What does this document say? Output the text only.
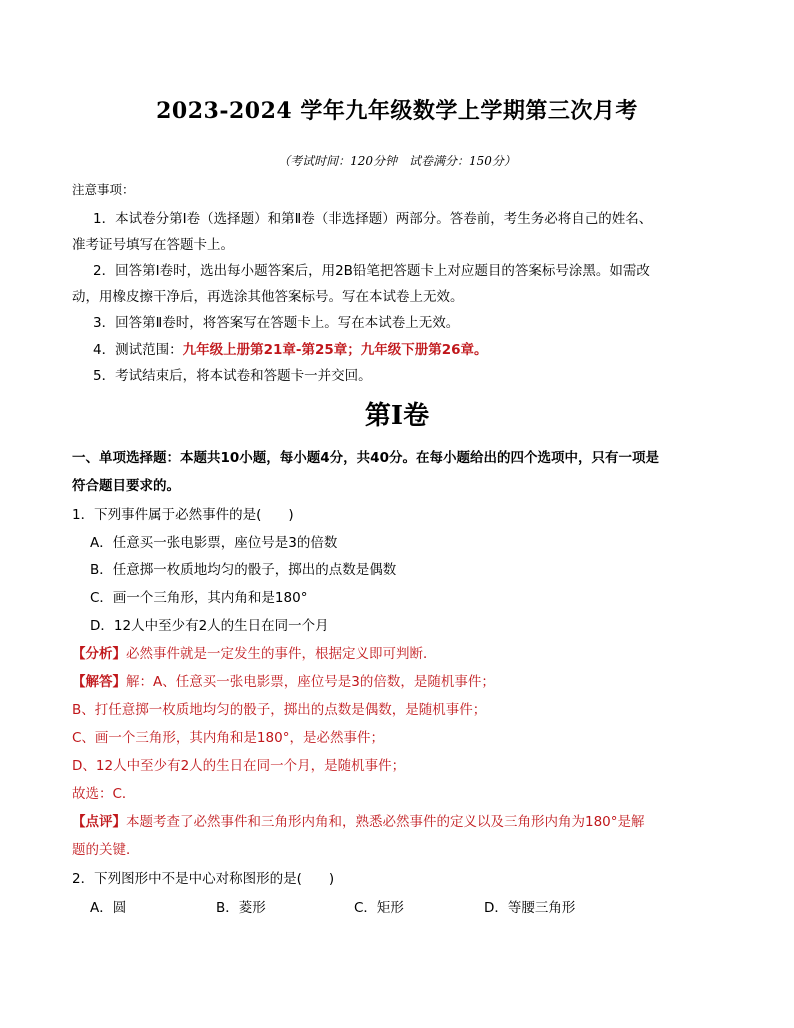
2023-2024 学年九年级数学上学期第三次月考
（考试时间：120分钟　试卷满分：150分）
注意事项：
1．本试卷分第Ⅰ卷（选择题）和第Ⅱ卷（非选择题）两部分。答卷前，考生务必将自己的姓名、
准考证号填写在答题卡上。
2．回答第Ⅰ卷时，选出每小题答案后，用2B铅笔把答题卡上对应题目的答案标号涂黑。如需改
动，用橡皮擦干净后，再选涂其他答案标号。写在本试卷上无效。
3．回答第Ⅱ卷时，将答案写在答题卡上。写在本试卷上无效。
4．测试范围：九年级上册第21章-第25章；九年级下册第26章。
5．考试结束后，将本试卷和答题卡一并交回。
第Ⅰ卷
一、单项选择题：本题共10小题，每小题4分，共40分。在每小题给出的四个选项中，只有一项是
符合题目要求的。
1．下列事件属于必然事件的是(　　)
A．任意买一张电影票，座位号是3的倍数
B．任意掷一枚质地均匀的骰子，掷出的点数是偶数
C．画一个三角形，其内角和是180°
D．12人中至少有2人的生日在同一个月
【分析】必然事件就是一定发生的事件，根据定义即可判断．
【解答】解：A、任意买一张电影票，座位号是3的倍数，是随机事件；
B、打任意掷一枚质地均匀的骰子，掷出的点数是偶数，是随机事件；
C、画一个三角形，其内角和是180°，是必然事件；
D、12人中至少有2人的生日在同一个月，是随机事件；
故选：C．
【点评】本题考查了必然事件和三角形内角和，熟悉必然事件的定义以及三角形内角为180°是解
题的关键．
2．下列图形中不是中心对称图形的是(　　)
A．圆	B．菱形	C．矩形	D．等腰三角形
